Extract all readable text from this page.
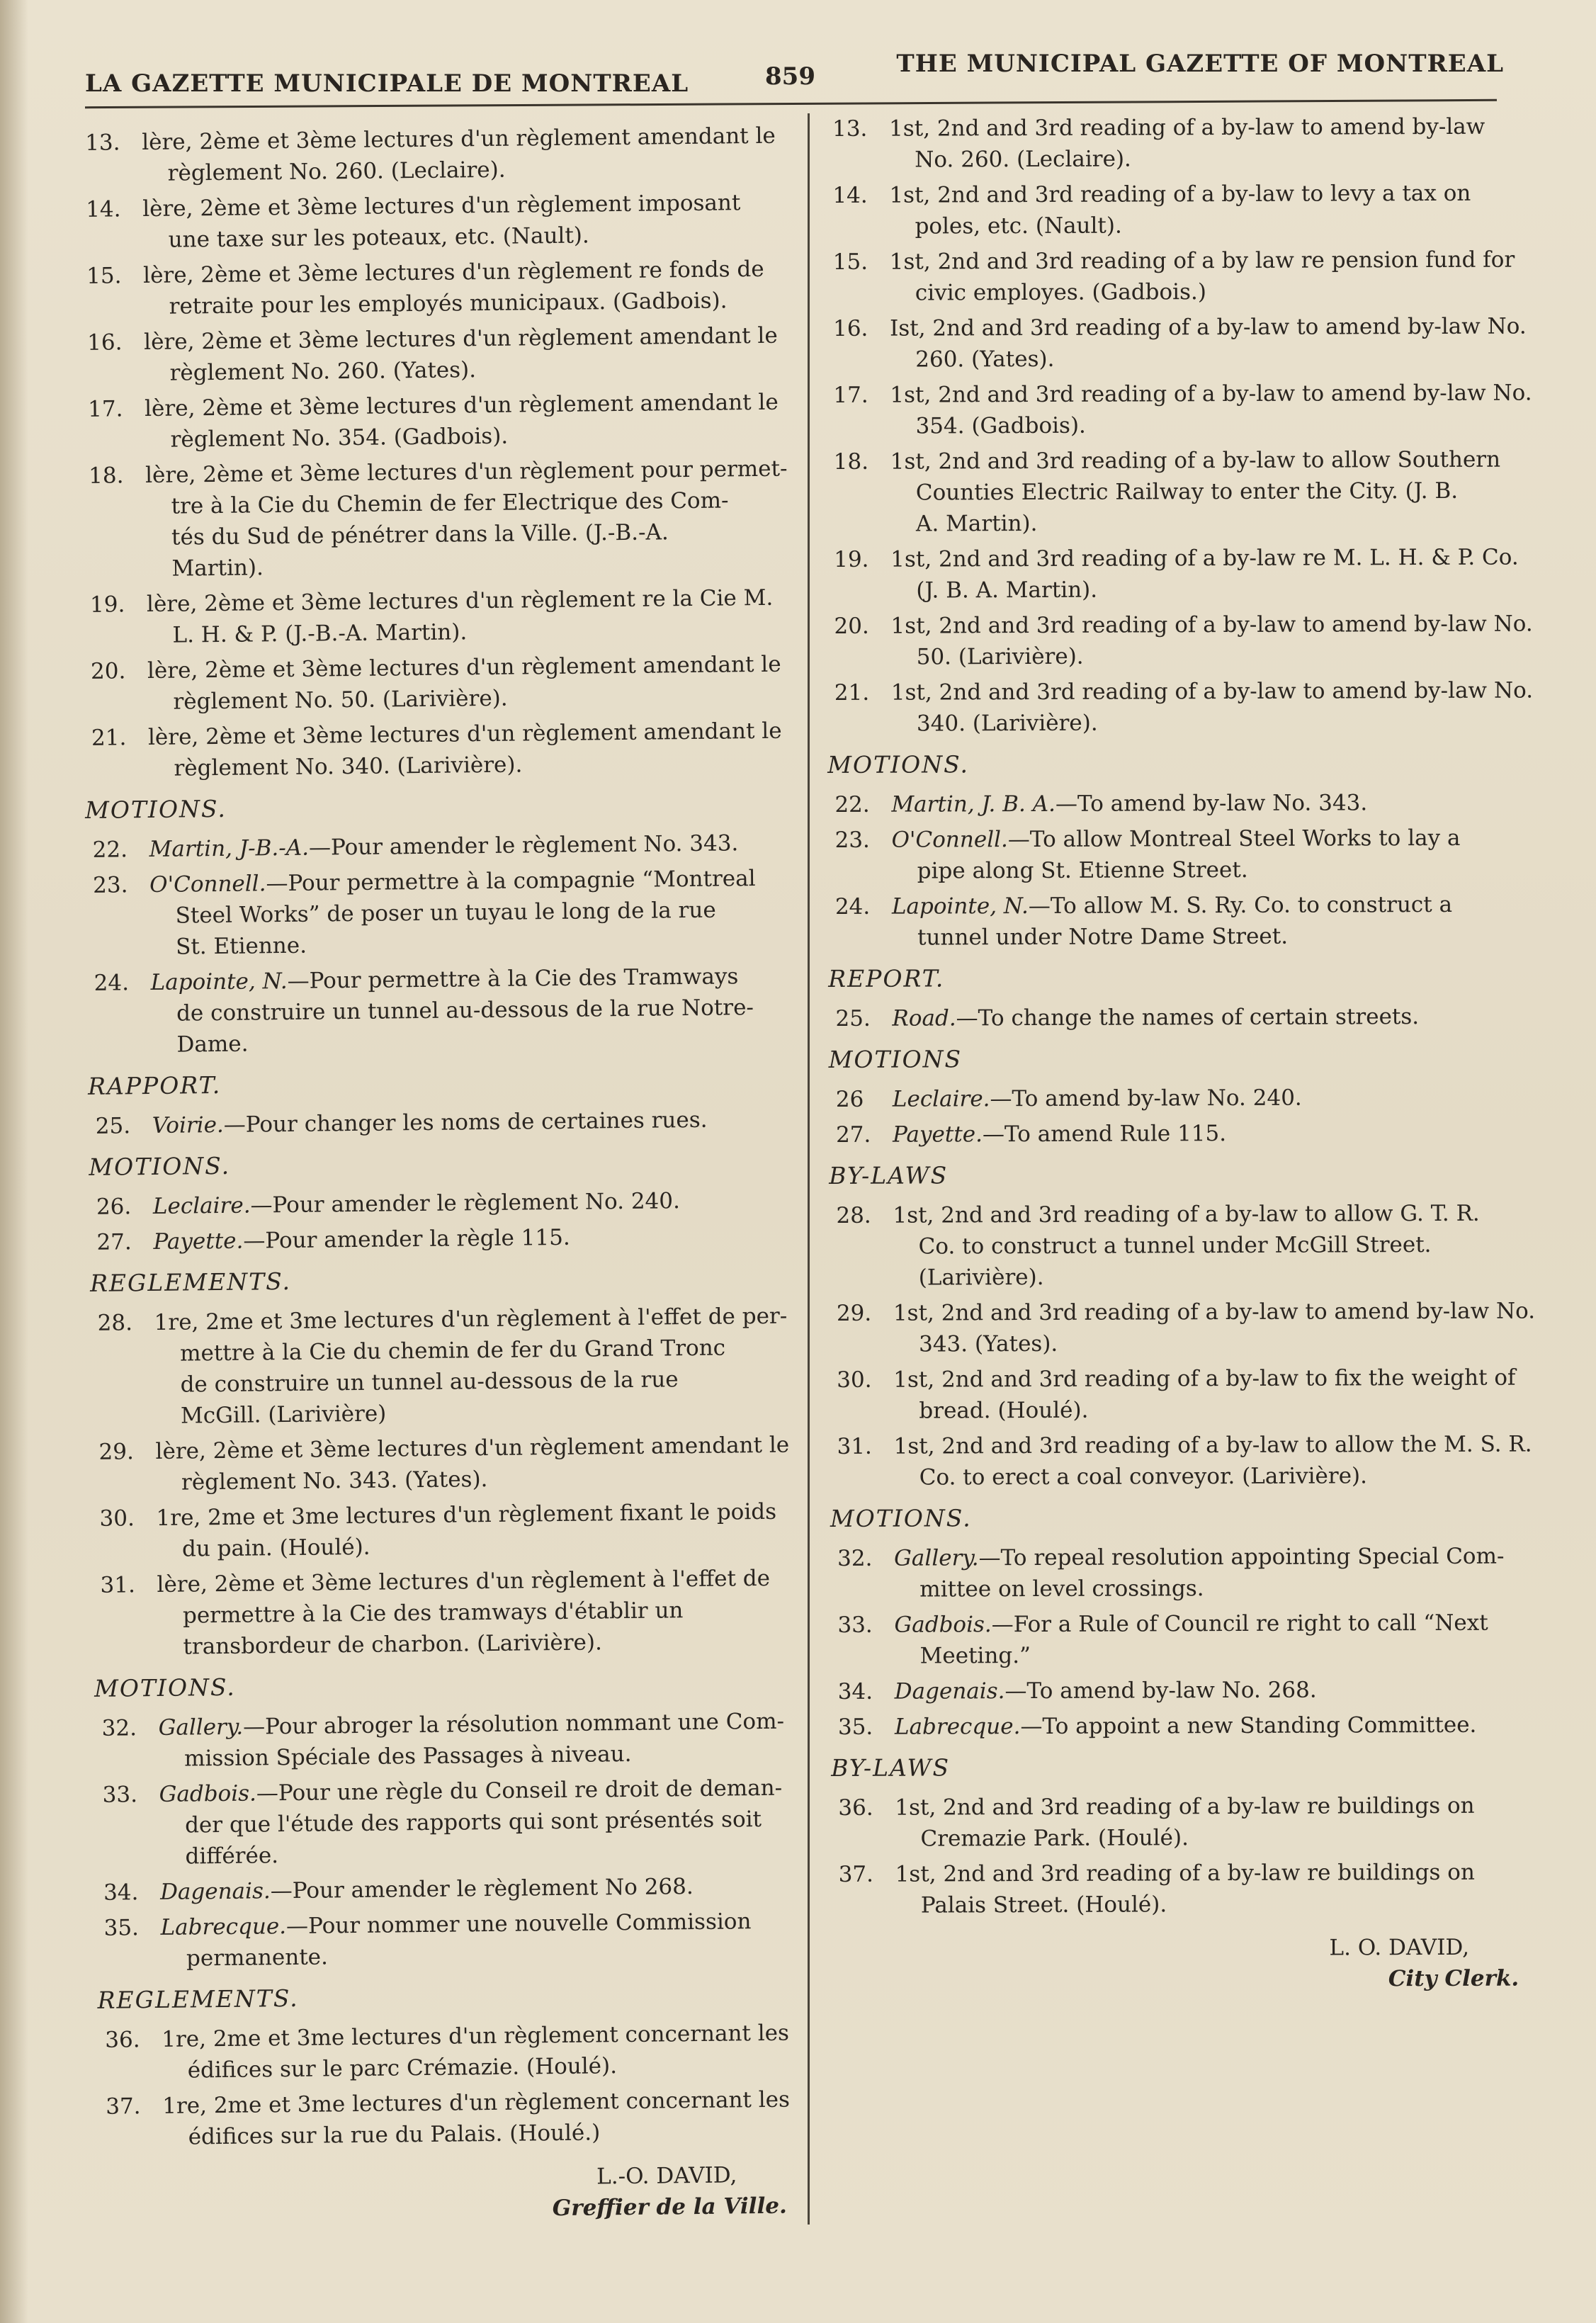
LA GAZETTE MUNICIPALE DE MONTREAL	859	THE MUNICIPAL GAZETTE OF MONTREAL
13. lère, 2ème et 3ème lectures d'un règlement amendant le
règlement No. 260. (Leclaire).
14. lère, 2ème et 3ème lectures d'un règlement imposant
une taxe sur les poteaux, etc. (Nault).
15. lère, 2ème et 3ème lectures d'un règlement re fonds de
retraite pour les employés municipaux. (Gadbois).
16. lère, 2ème et 3ème lectures d'un règlement amendant le
règlement No. 260. (Yates).
17. lère, 2ème et 3ème lectures d'un règlement amendant le
règlement No. 354. (Gadbois).
18. lère, 2ème et 3ème lectures d'un règlement pour permet-
tre à la Cie du Chemin de fer Electrique des Com-
tés du Sud de pénétrer dans la Ville. (J.-B.-A.
Martin).
19. lère, 2ème et 3ème lectures d'un règlement re la Cie M.
L. H. & P. (J.-B.-A. Martin).
20. lère, 2ème et 3ème lectures d'un règlement amendant le
règlement No. 50. (Larivière).
21. lère, 2ème et 3ème lectures d'un règlement amendant le
règlement No. 340. (Larivière).
MOTIONS.
22. Martin, J-B.-A.—Pour amender le règlement No. 343.
23. O'Connell.—Pour permettre à la compagnie “Montreal
Steel Works” de poser un tuyau le long de la rue
St. Etienne.
24. Lapointe, N.—Pour permettre à la Cie des Tramways
de construire un tunnel au-dessous de la rue Notre-
Dame.
RAPPORT.
25. Voirie.—Pour changer les noms de certaines rues.
MOTIONS.
26. Leclaire.—Pour amender le règlement No. 240.
27. Payette.—Pour amender la règle 115.
REGLEMENTS.
28. 1re, 2me et 3me lectures d'un règlement à l'effet de per-
mettre à la Cie du chemin de fer du Grand Tronc
de construire un tunnel au-dessous de la rue
McGill. (Larivière)
29. lère, 2ème et 3ème lectures d'un règlement amendant le
règlement No. 343. (Yates).
30. 1re, 2me et 3me lectures d'un règlement fixant le poids
du pain. (Houlé).
31. lère, 2ème et 3ème lectures d'un règlement à l'effet de
permettre à la Cie des tramways d'établir un
transbordeur de charbon. (Larivière).
MOTIONS.
32. Gallery.—Pour abroger la résolution nommant une Com-
mission Spéciale des Passages à niveau.
33. Gadbois.—Pour une règle du Conseil re droit de deman-
der que l'étude des rapports qui sont présentés soit
différée.
34. Dagenais.—Pour amender le règlement No 268.
35. Labrecque.—Pour nommer une nouvelle Commission
permanente.
REGLEMENTS.
36. 1re, 2me et 3me lectures d'un règlement concernant les
édifices sur le parc Crémazie. (Houlé).
37. 1re, 2me et 3me lectures d'un règlement concernant les
édifices sur la rue du Palais. (Houlé.)
L.-O. DAVID,
Greffier de la Ville.
13. 1st, 2nd and 3rd reading of a by-law to amend by-law
No. 260. (Leclaire).
14. 1st, 2nd and 3rd reading of a by-law to levy a tax on
poles, etc. (Nault).
15. 1st, 2nd and 3rd reading of a by law re pension fund for
civic employes. (Gadbois.)
16. Ist, 2nd and 3rd reading of a by-law to amend by-law No.
260. (Yates).
17. 1st, 2nd and 3rd reading of a by-law to amend by-law No.
354. (Gadbois).
18. 1st, 2nd and 3rd reading of a by-law to allow Southern
Counties Electric Railway to enter the City. (J. B.
A. Martin).
19. 1st, 2nd and 3rd reading of a by-law re M. L. H. & P. Co.
(J. B. A. Martin).
20. 1st, 2nd and 3rd reading of a by-law to amend by-law No.
50. (Larivière).
21. 1st, 2nd and 3rd reading of a by-law to amend by-law No.
340. (Larivière).
MOTIONS.
22. Martin, J. B. A.—To amend by-law No. 343.
23. O'Connell.—To allow Montreal Steel Works to lay a
pipe along St. Etienne Street.
24. Lapointe, N.—To allow M. S. Ry. Co. to construct a
tunnel under Notre Dame Street.
REPORT.
25. Road.—To change the names of certain streets.
MOTIONS
26 Leclaire.—To amend by-law No. 240.
27. Payette.—To amend Rule 115.
BY-LAWS
28. 1st, 2nd and 3rd reading of a by-law to allow G. T. R.
Co. to construct a tunnel under McGill Street.
(Larivière).
29. 1st, 2nd and 3rd reading of a by-law to amend by-law No.
343. (Yates).
30. 1st, 2nd and 3rd reading of a by-law to fix the weight of
bread. (Houlé).
31. 1st, 2nd and 3rd reading of a by-law to allow the M. S. R.
Co. to erect a coal conveyor. (Larivière).
MOTIONS.
32. Gallery.—To repeal resolution appointing Special Com-
mittee on level crossings.
33. Gadbois.—For a Rule of Council re right to call “Next
Meeting.”
34. Dagenais.—To amend by-law No. 268.
35. Labrecque.—To appoint a new Standing Committee.
BY-LAWS
36. 1st, 2nd and 3rd reading of a by-law re buildings on
Cremazie Park. (Houlé).
37. 1st, 2nd and 3rd reading of a by-law re buildings on
Palais Street. (Houlé).
L. O. DAVID,
City Clerk.
